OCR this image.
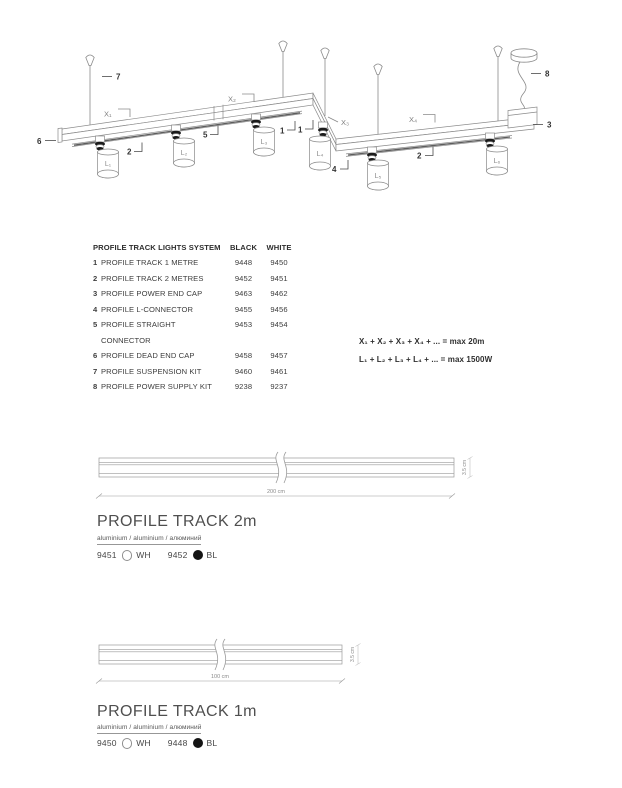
7	8
6
3
2
5	1 1
4
2
X₁
X₂
X₃	X₄
L₁
L₂
L₃
L₄
L₅
L₆
PROFILE TRACK LIGHTS SYSTEM	BLACK	WHITE
1 PROFILE TRACK 1 METRE	9448	9450
2 PROFILE TRACK 2 METRES	9452	9451
3 PROFILE POWER END CAP	9463	9462
4 PROFILE L-CONNECTOR	9455	9456
5 PROFILE STRAIGHT CONNECTOR
9453	9454
6 PROFILE DEAD END CAP	9458	9457
7 PROFILE SUSPENSION KIT	9460	9461
8 PROFILE POWER SUPPLY KIT	9238	9237
X₁ + X₂ + X₃ + X₄ + ... = max 20m
L₁ + L₂ + L₃ + L₄ + ... = max 1500W
200 cm
3.5 cm
PROFILE TRACK 2m
aluminium / aluminium / алюминий
9451 WH 9452 BL
100 cm
3.5 cm
PROFILE TRACK 1m
aluminium / aluminium / алюминий
9450 WH 9448 BL
